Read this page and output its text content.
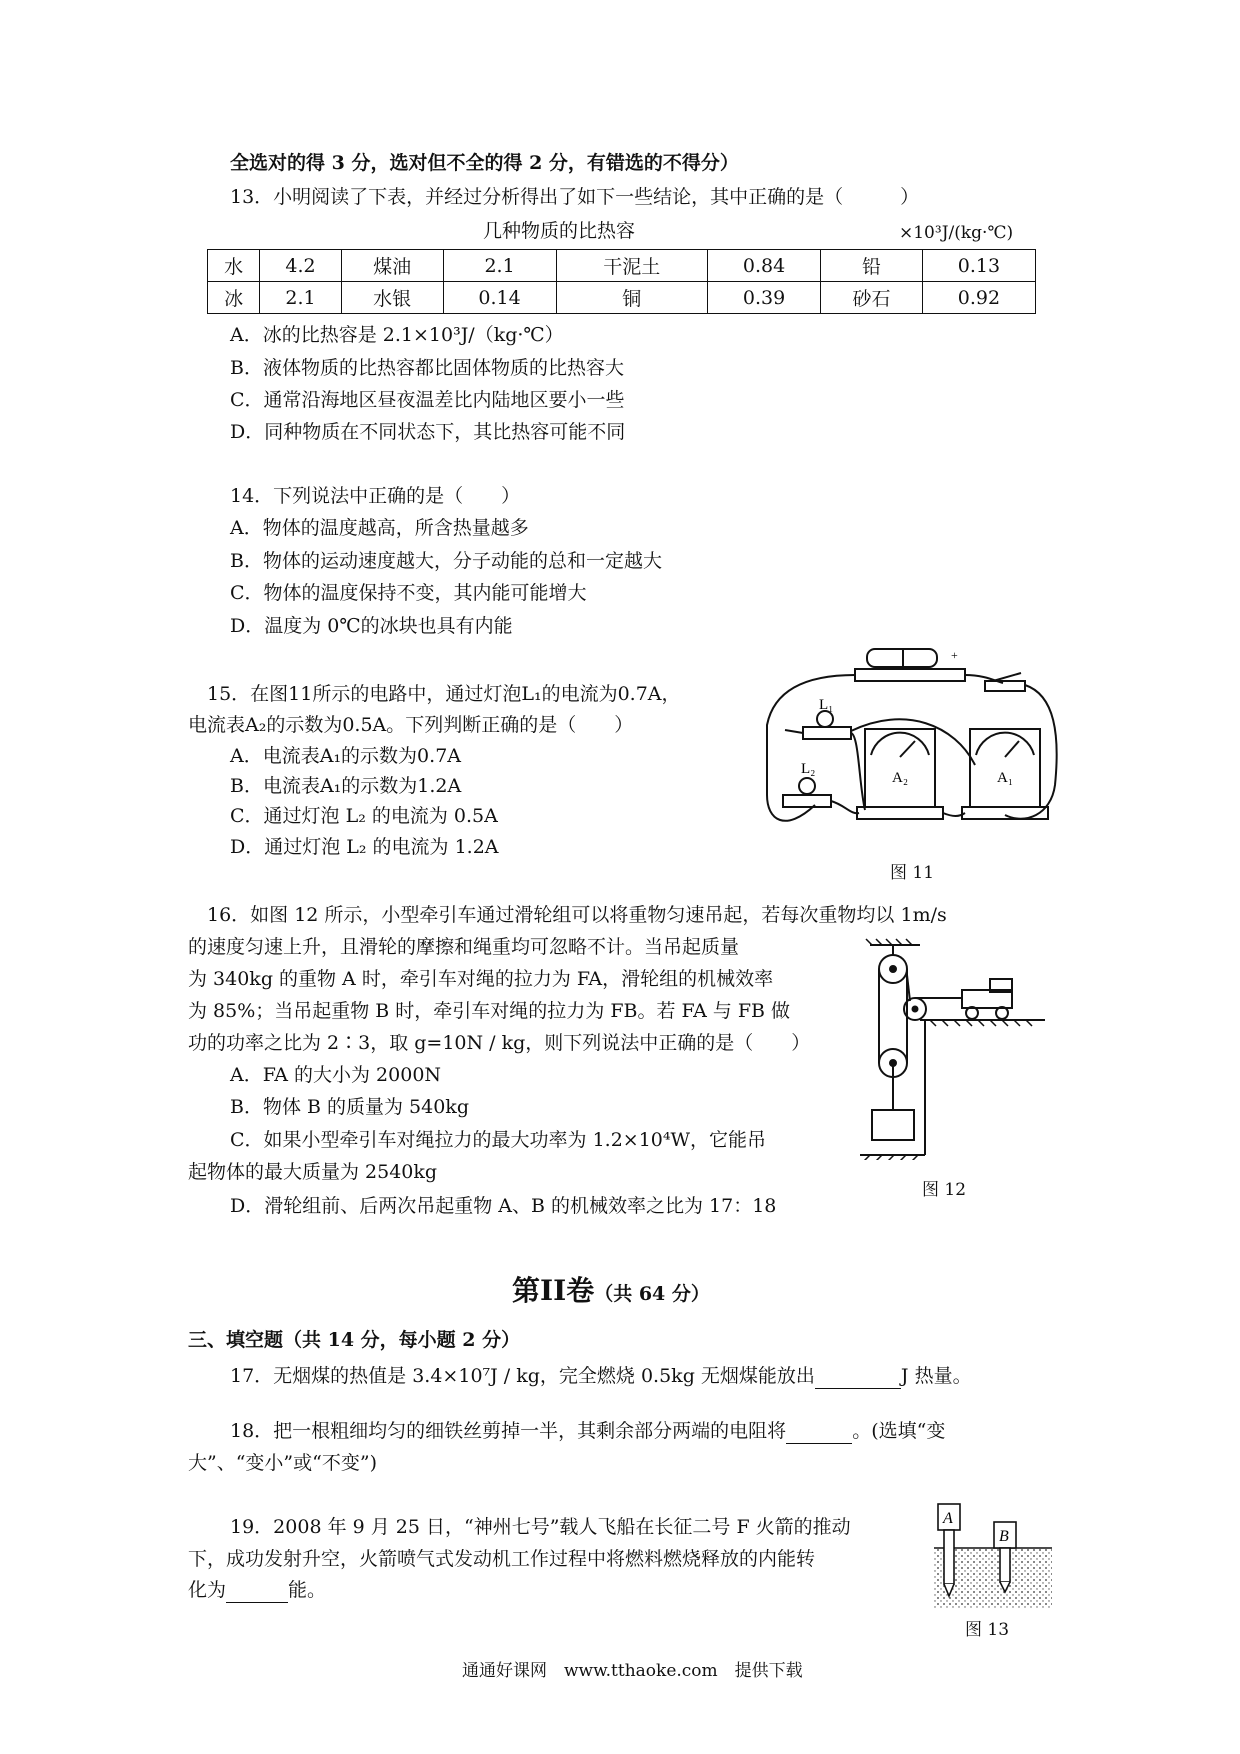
全选对的得 3 分，选对但不全的得 2 分，有错选的不得分）
13．小明阅读了下表，并经过分析得出了如下一些结论，其中正确的是（　　　）
几种物质的比热容	×10³J/(kg·℃)
水	4.2	煤油	2.1	干泥土	0.84	铅	0.13
冰	2.1	水银	0.14	铜	0.39	砂石	0.92
A．冰的比热容是 2.1×10³J/（kg·℃）
B．液体物质的比热容都比固体物质的比热容大
C．通常沿海地区昼夜温差比内陆地区要小一些
D．同种物质在不同状态下，其比热容可能不同
14．下列说法中正确的是（　　）
A．物体的温度越高，所含热量越多
B．物体的运动速度越大，分子动能的总和一定越大
C．物体的温度保持不变，其内能可能增大
D．温度为 0℃的冰块也具有内能
15．在图11所示的电路中，通过灯泡L₁的电流为0.7A，
电流表A₂的示数为0.5A。下列判断正确的是（　　）
A．电流表A₁的示数为0.7A
B．电流表A₁的示数为1.2A
C．通过灯泡 L₂ 的电流为 0.5A
D．通过灯泡 L₂ 的电流为 1.2A
L₁
L₂
A₂	A₁
+
图 11
16．如图 12 所示，小型牵引车通过滑轮组可以将重物匀速吊起，若每次重物均以 1m/s
的速度匀速上升，且滑轮的摩擦和绳重均可忽略不计。当吊起质量
为 340kg 的重物 A 时，牵引车对绳的拉力为 FA，滑轮组的机械效率
为 85%；当吊起重物 B 时，牵引车对绳的拉力为 FB。若 FA 与 FB 做
功的功率之比为 2∶3，取 g=10N / kg，则下列说法中正确的是（　　）
A．FA 的大小为 2000N
B．物体 B 的质量为 540kg
C．如果小型牵引车对绳拉力的最大功率为 1.2×10⁴W，它能吊
起物体的最大质量为 2540kg
D．滑轮组前、后两次吊起重物 A、B 的机械效率之比为 17：18
图 12
第II卷（共 64 分）
三、填空题（共 14 分，每小题 2 分）
17．无烟煤的热值是 3.4×10⁷J / kg，完全燃烧 0.5kg 无烟煤能放出	J 热量。
18．把一根粗细均匀的细铁丝剪掉一半，其剩余部分两端的电阻将	。(选填“变
大”、“变小”或“不变”)
19．2008 年 9 月 25 日，“神州七号”载人飞船在长征二号 F 火箭的推动
下，成功发射升空，火箭喷气式发动机工作过程中将燃料燃烧释放的内能转
化为	能。
A
B
图 13
通通好课网　www.tthaoke.com　提供下载
